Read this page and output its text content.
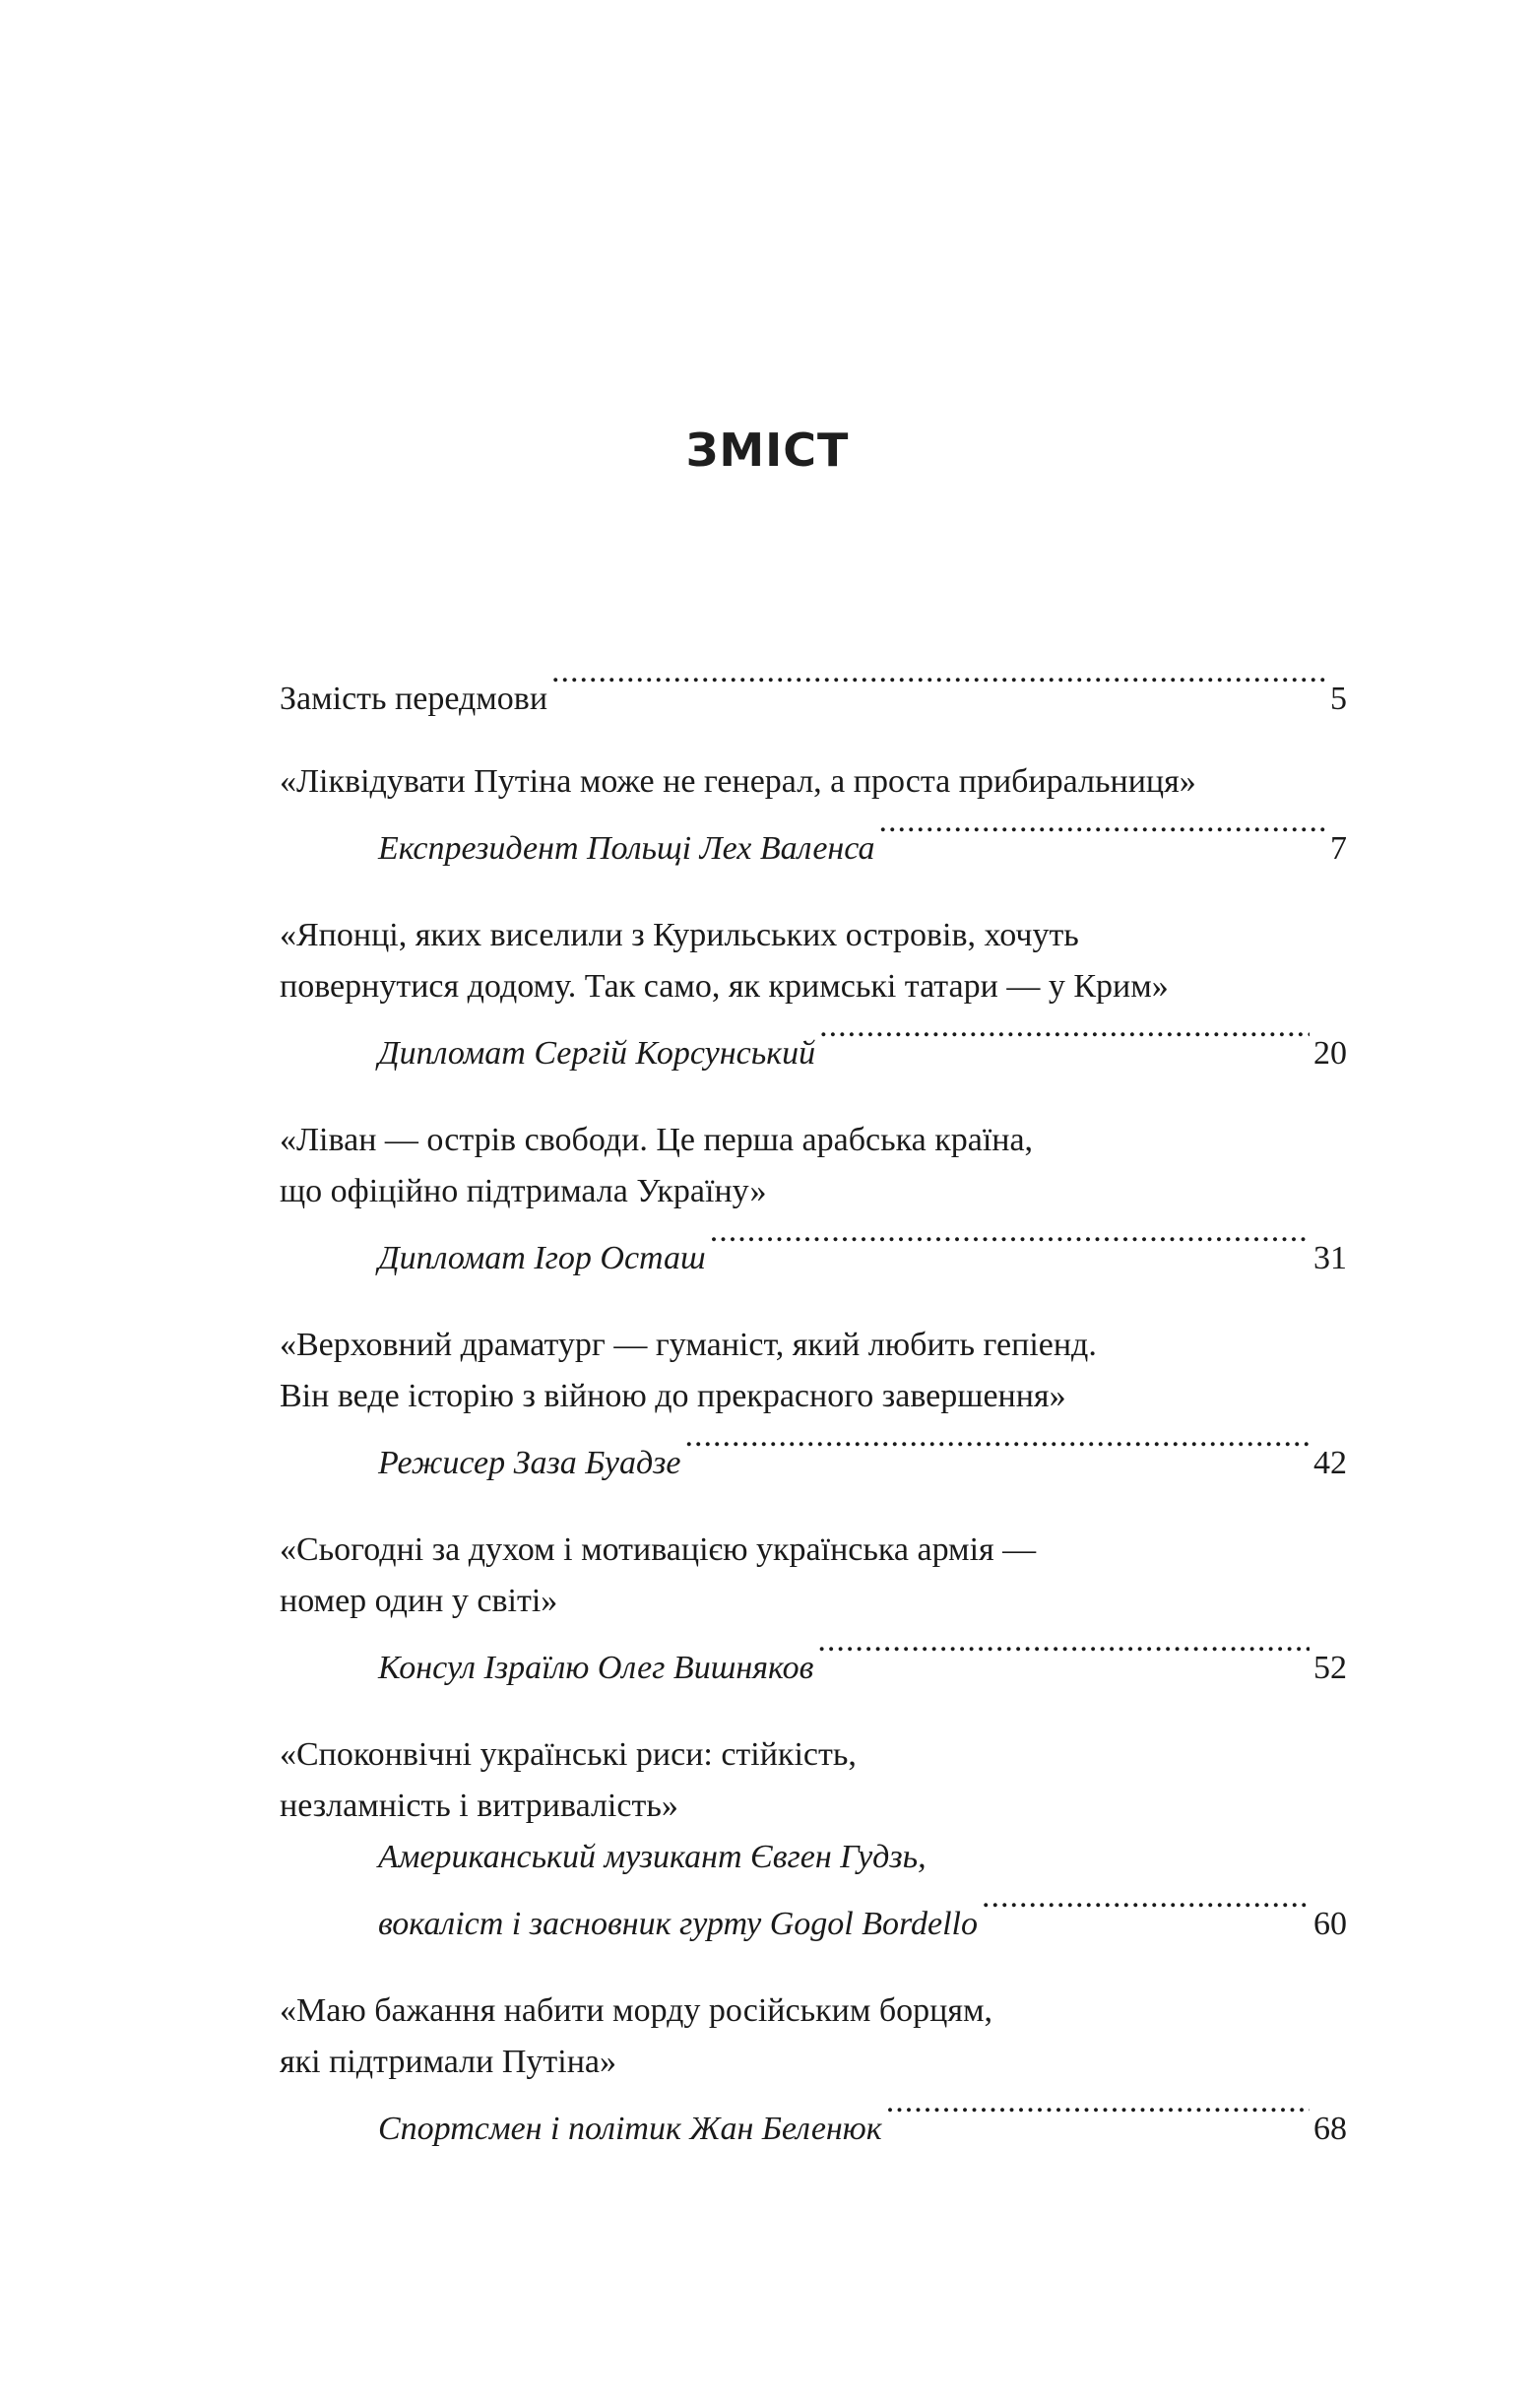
ЗМІСТ
Замість передмови .....	5
«Ліквідувати Путіна може не генерал, а проста прибиральниця»
Експрезидент Польщі Лех Валенса .....	7
«Японці, яких виселили з Курильських островів, хочуть
повернутися додому. Так само, як кримські татари — у Крим»
Дипломат Сергій Корсунський .....	20
«Ліван — острів свободи. Це перша арабська країна,
що офіційно підтримала Україну»
Дипломат Ігор Осташ .....	31
«Верховний драматург — гуманіст, який любить гепіенд.
Він веде історію з війною до прекрасного завершення»
Режисер Заза Буадзе .....	42
«Сьогодні за духом і мотивацією українська армія —
номер один у світі»
Консул Ізраїлю Олег Вишняков .....	52
«Споконвічні українські риси: стійкість,
незламність і витривалість»
Американський музикант Євген Гудзь,
вокаліст і засновник гурту Gogol Bordello .....	60
«Маю бажання набити морду російським борцям,
які підтримали Путіна»
Спортсмен і політик Жан Беленюк .....	68
